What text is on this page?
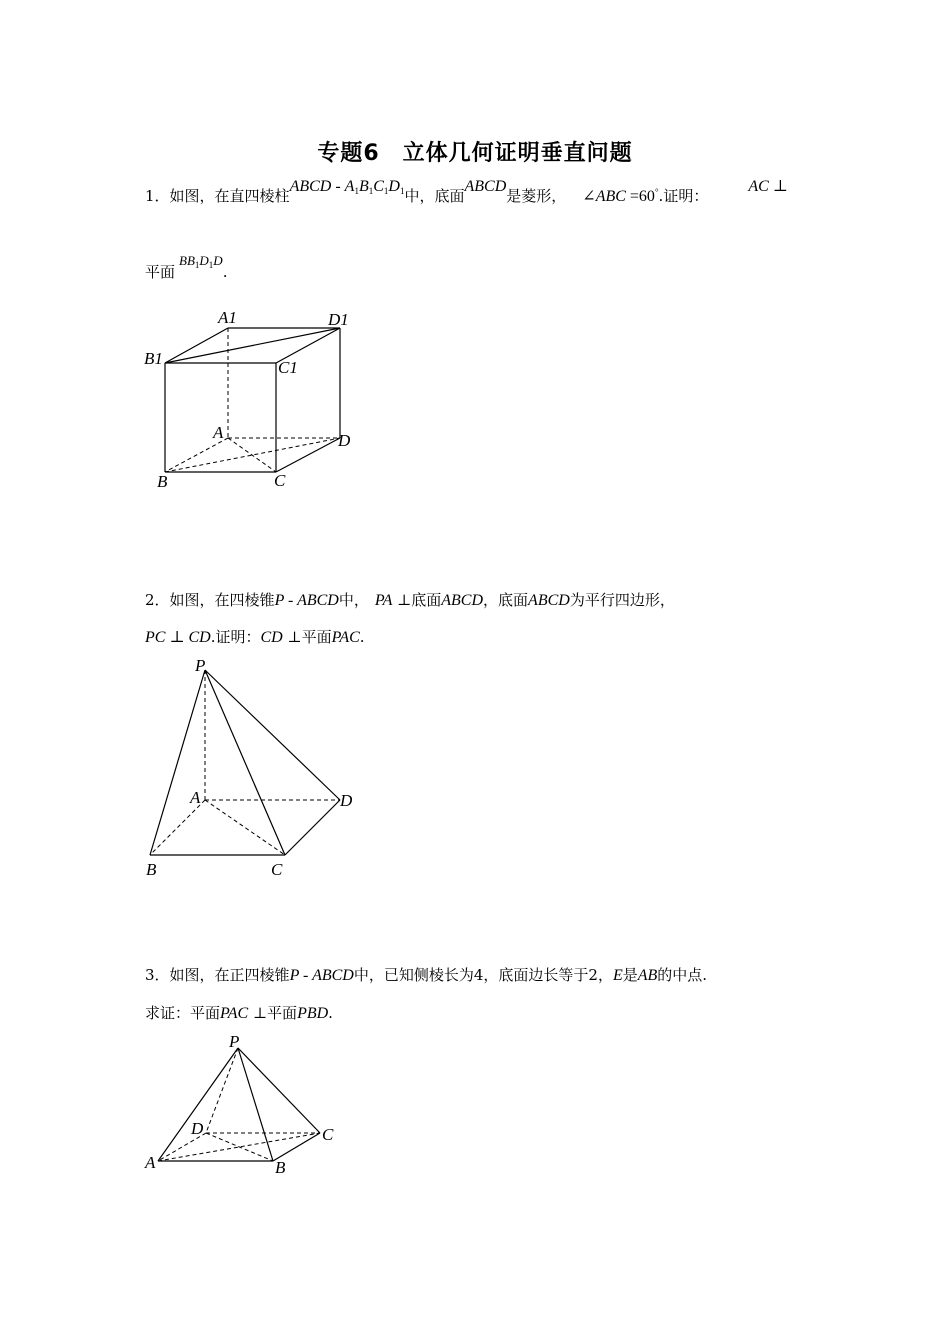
专题6　立体几何证明垂直问题
1．如图，在直四棱柱ABCD - $A_1B_1C_1D_1$中，底面ABCD是菱形， ∠ABC =60°.证明：AC ⊥
平面$BB_1D_1D$.
A1	D1
B1	C1
A	D
B	C
2．如图，在四棱锥P - ABCD中， PA ⊥底面ABCD，底面ABCD为平行四边形，
PC ⊥ CD.证明：CD ⊥平面PAC.
P
A	D
B	C
3．如图，在正四棱锥P - ABCD中，已知侧棱长为4，底面边长等于2，E是AB的中点.
求证：平面PAC ⊥平面PBD.
P
D	C
A	B
